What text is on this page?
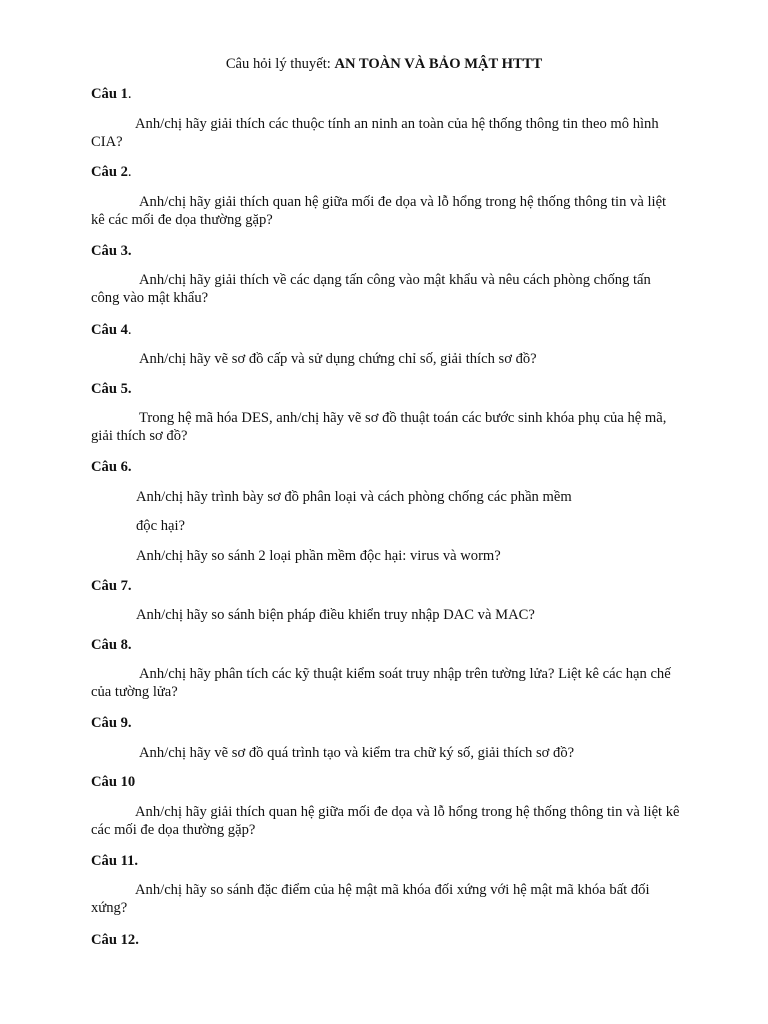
Câu hỏi lý thuyết: AN TOÀN VÀ BẢO MẬT HTTT
Câu 1.
Anh/chị hãy giải thích các thuộc tính an ninh an toàn của hệ thống thông tin theo mô hình CIA?
Câu 2.
Anh/chị hãy giải thích quan hệ giữa mối đe dọa và lỗ hổng trong hệ thống thông tin và liệt kê các mối đe dọa thường gặp?
Câu 3.
Anh/chị hãy giải thích về các dạng tấn công vào mật khẩu và nêu cách phòng chống tấn công vào mật khẩu?
Câu 4.
Anh/chị hãy vẽ sơ đồ cấp và sử dụng chứng chỉ số, giải thích sơ đồ?
Câu 5.
Trong hệ mã hóa DES, anh/chị hãy vẽ sơ đồ thuật toán các bước sinh khóa phụ của hệ mã, giải thích sơ đồ?
Câu 6.
Anh/chị hãy trình bày sơ đồ phân loại và cách phòng chống các phần mềm
độc hại?
Anh/chị hãy so sánh 2 loại phần mềm độc hại: virus và worm?
Câu 7.
Anh/chị hãy so sánh biện pháp điều khiển truy nhập DAC và MAC?
Câu 8.
Anh/chị hãy phân tích các kỹ thuật kiểm soát truy nhập trên tường lửa? Liệt kê các hạn chế của tường lửa?
Câu 9.
Anh/chị hãy vẽ sơ đồ quá trình tạo và kiểm tra chữ ký số, giải thích sơ đồ?
Câu 10
Anh/chị hãy giải thích quan hệ giữa mối đe dọa và lỗ hổng trong hệ thống thông tin và liệt kê các mối đe dọa thường gặp?
Câu 11.
Anh/chị hãy so sánh đặc điểm của hệ mật mã khóa đối xứng với hệ mật mã khóa bất đối xứng?
Câu 12.
